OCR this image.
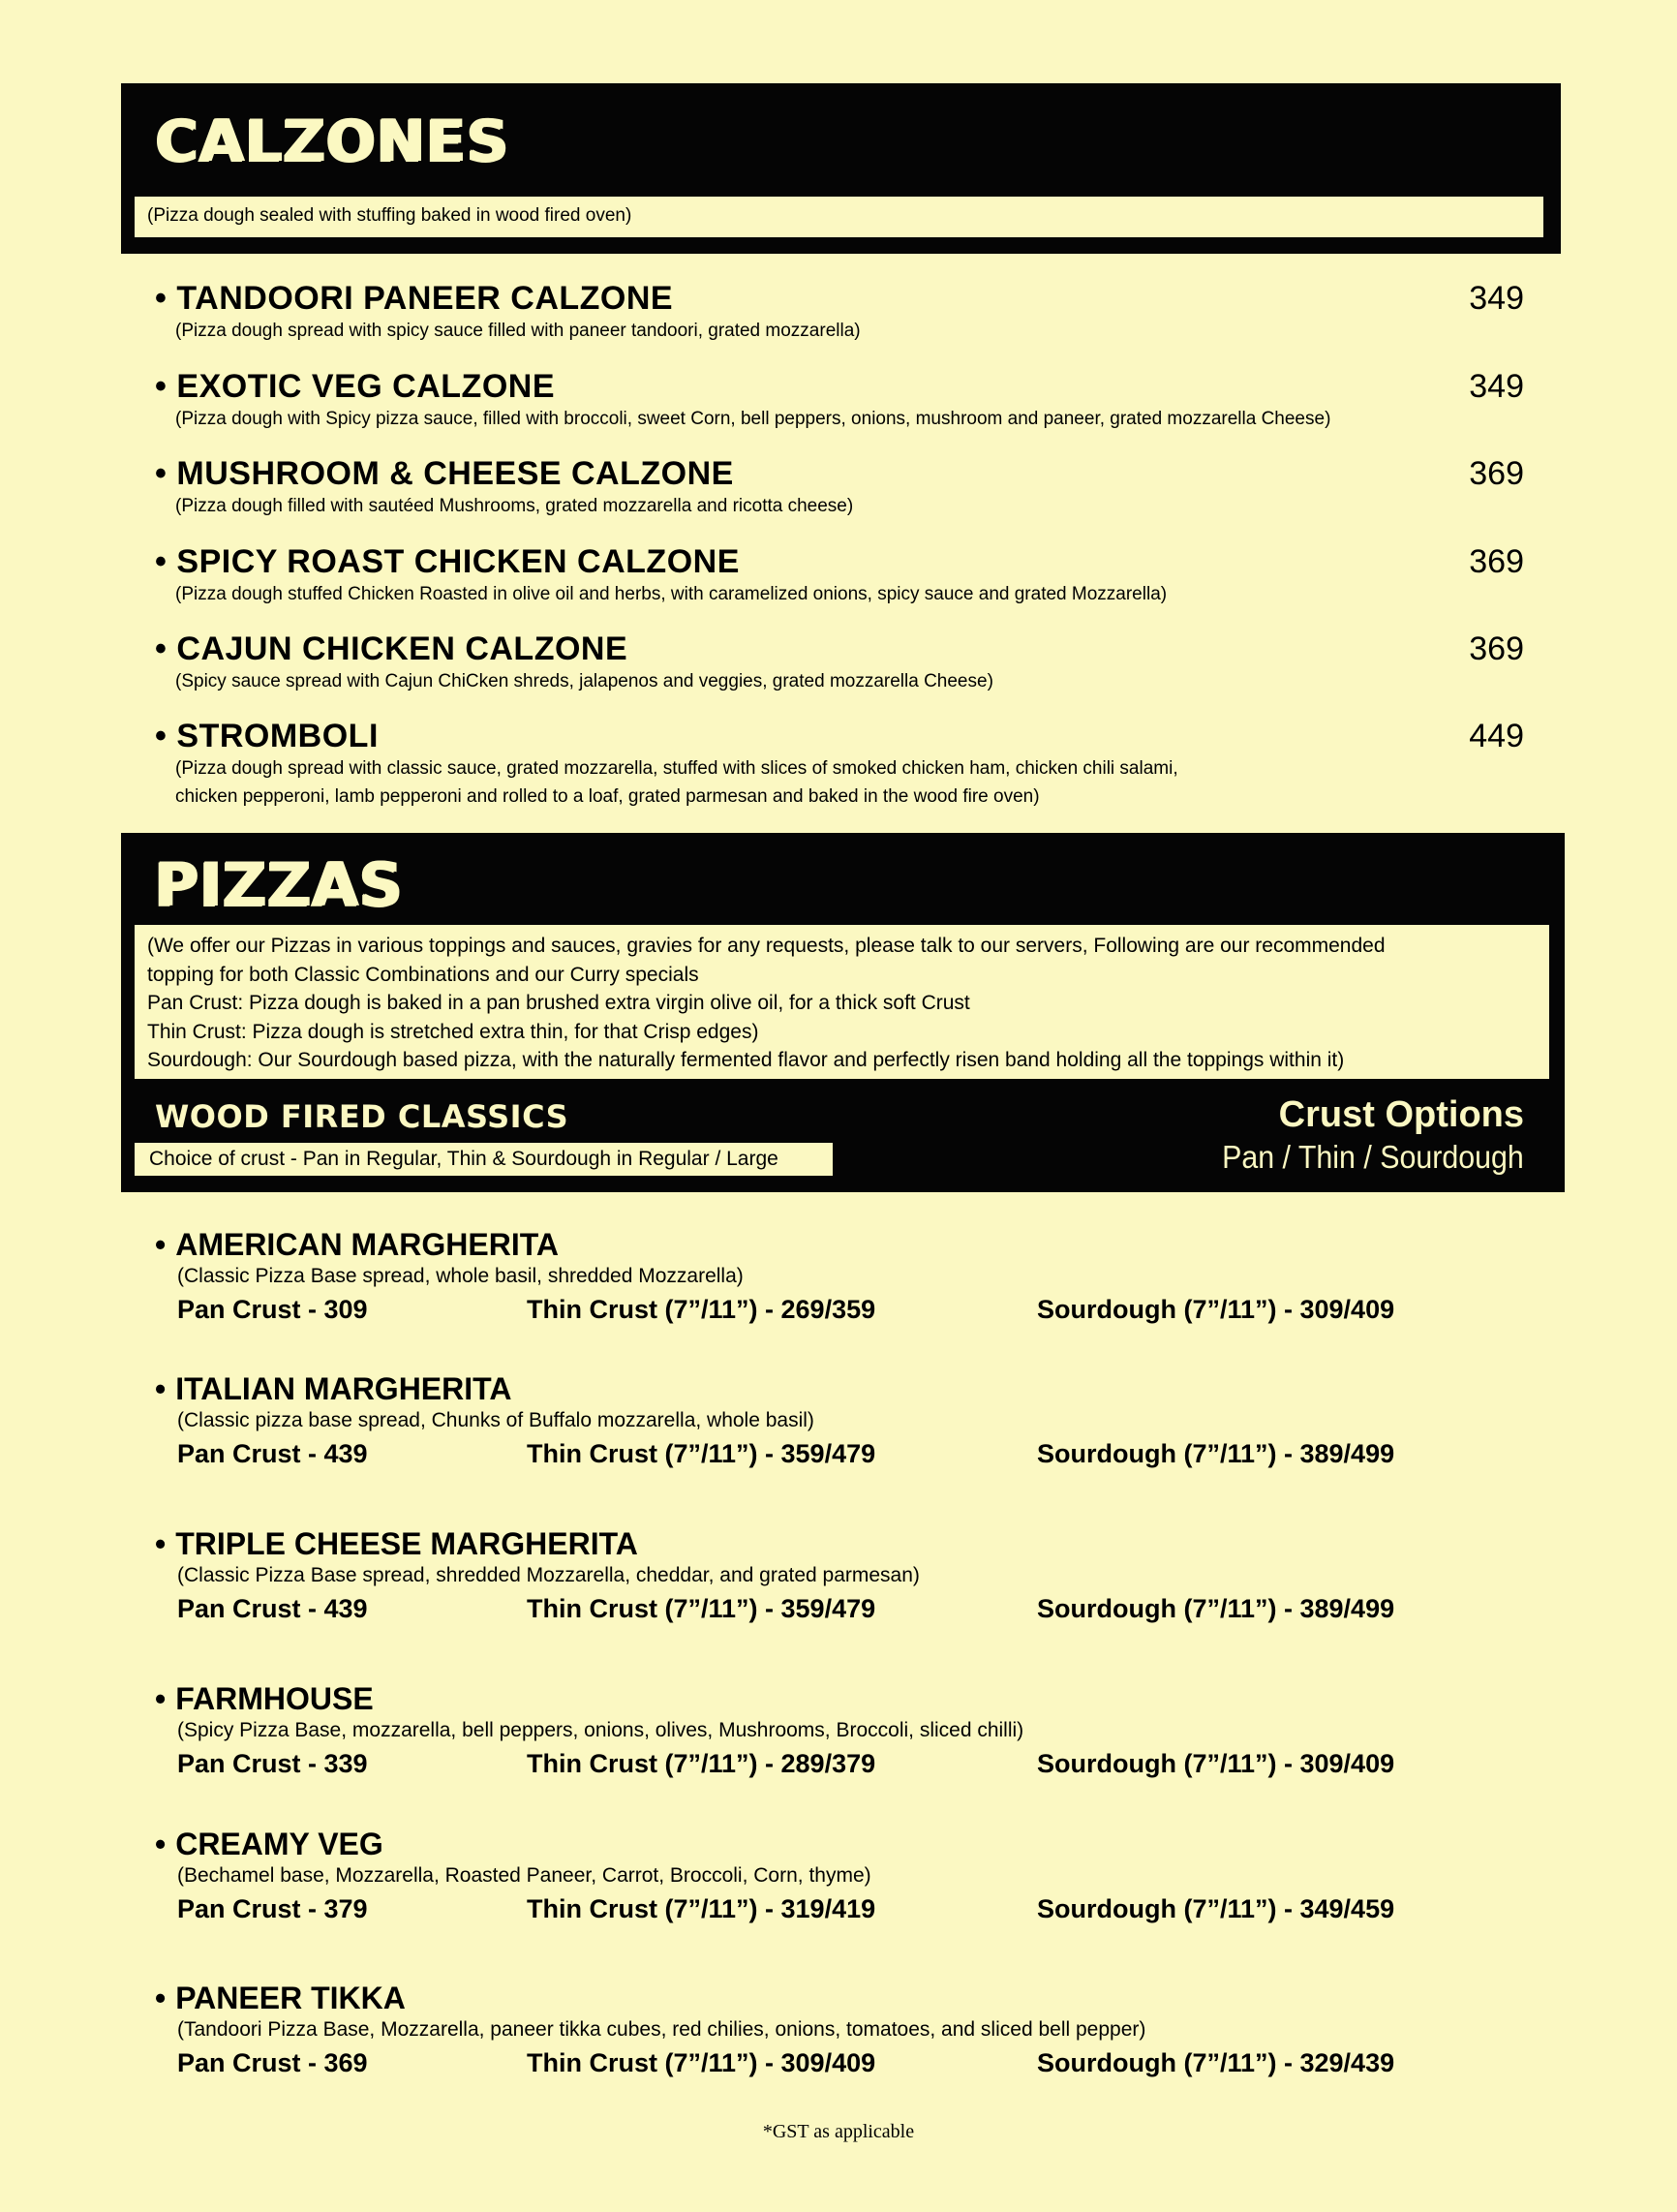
CALZONES
(Pizza dough sealed with stuffing baked in wood fired oven)
• TANDOORI PANEER CALZONE	349
(Pizza dough spread with spicy sauce filled with paneer tandoori, grated mozzarella)
• EXOTIC VEG CALZONE	349
(Pizza dough with Spicy pizza sauce, filled with broccoli, sweet Corn, bell peppers, onions, mushroom and paneer, grated mozzarella Cheese)
• MUSHROOM & CHEESE CALZONE	369
(Pizza dough filled with sautéed Mushrooms, grated mozzarella and ricotta cheese)
• SPICY ROAST CHICKEN CALZONE	369
(Pizza dough stuffed Chicken Roasted in olive oil and herbs, with caramelized onions, spicy sauce and grated Mozzarella)
• CAJUN CHICKEN CALZONE	369
(Spicy sauce spread with Cajun ChiCken shreds, jalapenos and veggies, grated mozzarella Cheese)
• STROMBOLI	449
(Pizza dough spread with classic sauce, grated mozzarella, stuffed with slices of smoked chicken ham, chicken chili salami,
chicken pepperoni, lamb pepperoni and rolled to a loaf, grated parmesan and baked in the wood fire oven)
PIZZAS
(We offer our Pizzas in various toppings and sauces, gravies for any requests, please talk to our servers, Following are our recommended
topping for both Classic Combinations and our Curry specials
Pan Crust: Pizza dough is baked in a pan brushed extra virgin olive oil, for a thick soft Crust
Thin Crust: Pizza dough is stretched extra thin, for that Crisp edges)
Sourdough: Our Sourdough based pizza, with the naturally fermented flavor and perfectly risen band holding all the toppings within it)
WOOD FIRED CLASSICS
Choice of crust - Pan in Regular, Thin & Sourdough in Regular / Large
Crust Options
Pan / Thin / Sourdough
• AMERICAN MARGHERITA
(Classic Pizza Base spread, whole basil, shredded Mozzarella)
Pan Crust - 309	Thin Crust (7”/11”) - 269/359	Sourdough (7”/11”) - 309/409
• ITALIAN MARGHERITA
(Classic pizza base spread, Chunks of Buffalo mozzarella, whole basil)
Pan Crust - 439	Thin Crust (7”/11”) - 359/479	Sourdough (7”/11”) - 389/499
• TRIPLE CHEESE MARGHERITA
(Classic Pizza Base spread, shredded Mozzarella, cheddar, and grated parmesan)
Pan Crust - 439	Thin Crust (7”/11”) - 359/479	Sourdough (7”/11”) - 389/499
• FARMHOUSE
(Spicy Pizza Base, mozzarella, bell peppers, onions, olives, Mushrooms, Broccoli, sliced chilli)
Pan Crust - 339	Thin Crust (7”/11”) - 289/379	Sourdough (7”/11”) - 309/409
• CREAMY VEG
(Bechamel base, Mozzarella, Roasted Paneer, Carrot, Broccoli, Corn, thyme)
Pan Crust - 379	Thin Crust (7”/11”) - 319/419	Sourdough (7”/11”) - 349/459
• PANEER TIKKA
(Tandoori Pizza Base, Mozzarella, paneer tikka cubes, red chilies, onions, tomatoes, and sliced bell pepper)
Pan Crust - 369	Thin Crust (7”/11”) - 309/409	Sourdough (7”/11”) - 329/439
*GST as applicable
